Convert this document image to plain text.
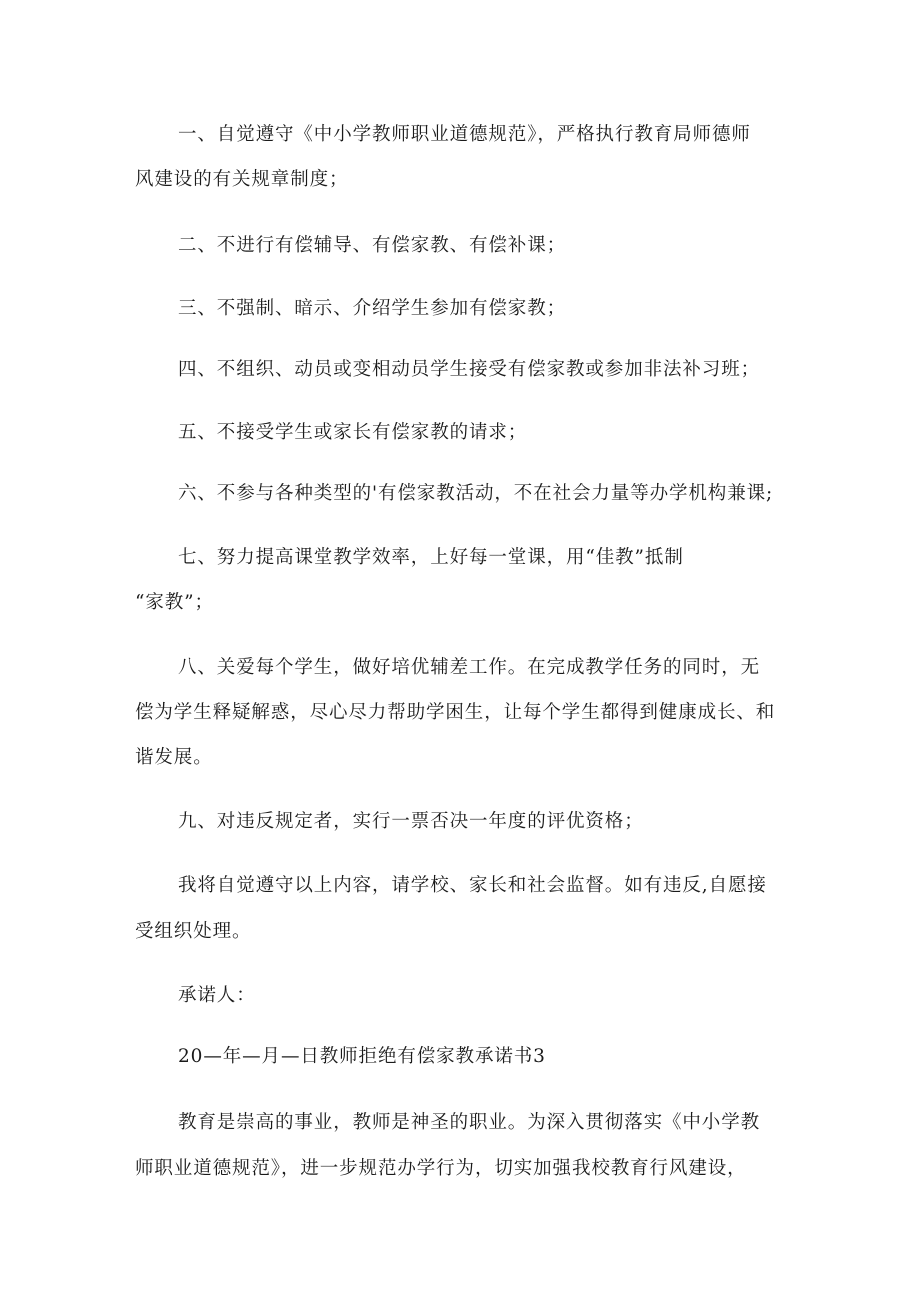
一、自觉遵守《中小学教师职业道德规范》，严格执行教育局师德师
风建设的有关规章制度；
二、不进行有偿辅导、有偿家教、有偿补课；
三、不强制、暗示、介绍学生参加有偿家教；
四、不组织、动员或变相动员学生接受有偿家教或参加非法补习班；
五、不接受学生或家长有偿家教的请求；
六、不参与各种类型的'有偿家教活动，不在社会力量等办学机构兼课;
七、努力提高课堂教学效率，上好每一堂课，用“佳教”抵制
“家教”；
八、关爱每个学生，做好培优辅差工作。在完成教学任务的同时，无
偿为学生释疑解惑，尽心尽力帮助学困生，让每个学生都得到健康成长、和
谐发展。
九、对违反规定者，实行一票否决一年度的评优资格；
我将自觉遵守以上内容，请学校、家长和社会监督。如有违反,自愿接
受组织处理。
承诺人：
20—年—月—日教师拒绝有偿家教承诺书3
教育是崇高的事业，教师是神圣的职业。为深入贯彻落实《中小学教
师职业道德规范》，进一步规范办学行为，切实加强我校教育行风建设，
